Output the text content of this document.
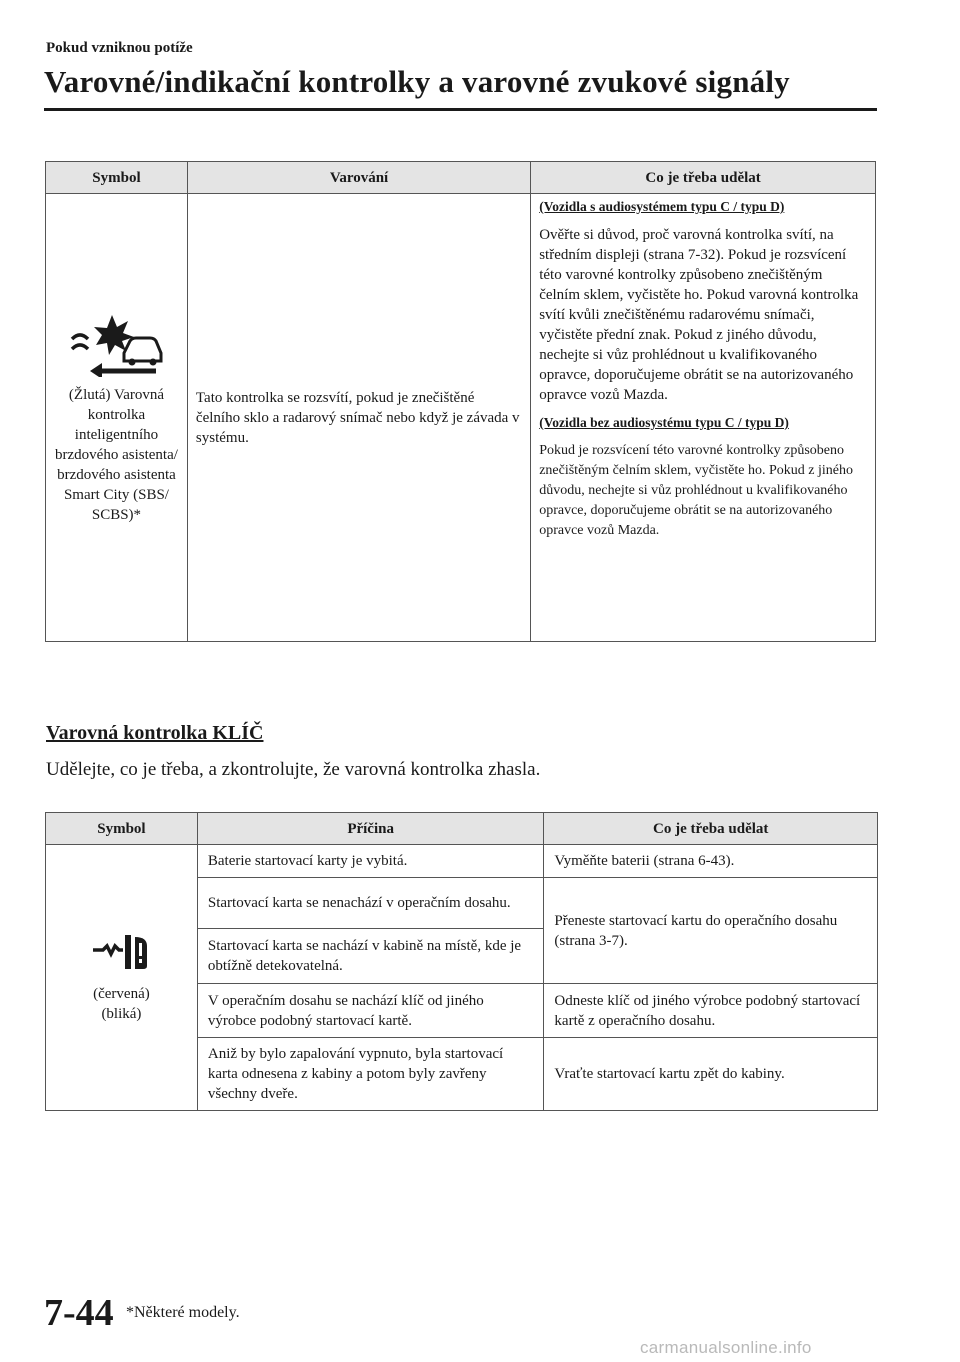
Pokud vzniknou potíže
Varovné/indikační kontrolky a varovné zvukové signály
Symbol	Varování	Co je třeba udělat

(Žlutá) Varovná kontrolka inteligentního brzdového asistenta/ brzdového asistenta Smart City (SBS/ SCBS)*	Tato kontrolka se rozsvítí, pokud je znečištěné čelního sklo a radarový snímač nebo když je závada v systému.	(Vozidla s audiosystémem typu C / typu D)
Ověřte si důvod, proč varovná kontrolka svítí, na středním displeji (strana 7-32). Pokud je rozsvícení této varovné kontrolky způsobeno znečištěným čelním sklem, vyčistěte ho. Pokud varovná kontrolka svítí kvůli znečištěnému radarovému snímači, vyčistěte přední znak. Pokud z jiného důvodu, nechejte si vůz prohlédnout u kvalifikovaného opravce, doporučujeme obrátit se na autorizovaného opravce vozů Mazda.
(Vozidla bez audiosystému typu C / typu D)
Pokud je rozsvícení této varovné kontrolky způsobeno znečištěným čelním sklem, vyčistěte ho. Pokud z jiného důvodu, nechejte si vůz prohlédnout u kvalifikovaného opravce, doporučujeme obrátit se na autorizovaného opravce vozů Mazda.
Varovná kontrolka KLÍČ
Udělejte, co je třeba, a zkontrolujte, že varovná kontrolka zhasla.
Symbol	Příčina	Co je třeba udělat

(červená)
(bliká)	Baterie startovací karty je vybitá.	Vyměňte baterii (strana 6-43).
	Startovací karta se nenachází v operačním dosahu.	Přeneste startovací kartu do operačního dosahu (strana 3-7).
	Startovací karta se nachází v kabině na místě, kde je obtížně detekovatelná.	
	V operačním dosahu se nachází klíč od jiného výrobce podobný startovací kartě.	Odneste klíč od jiného výrobce podobný startovací kartě z operačního dosahu.
	Aniž by bylo zapalování vypnuto, byla startovací karta odnesena z kabiny a potom byly zavřeny všechny dveře.	Vraťte startovací kartu zpět do kabiny.
7-44 *Některé modely.
carmanualsonline.info
